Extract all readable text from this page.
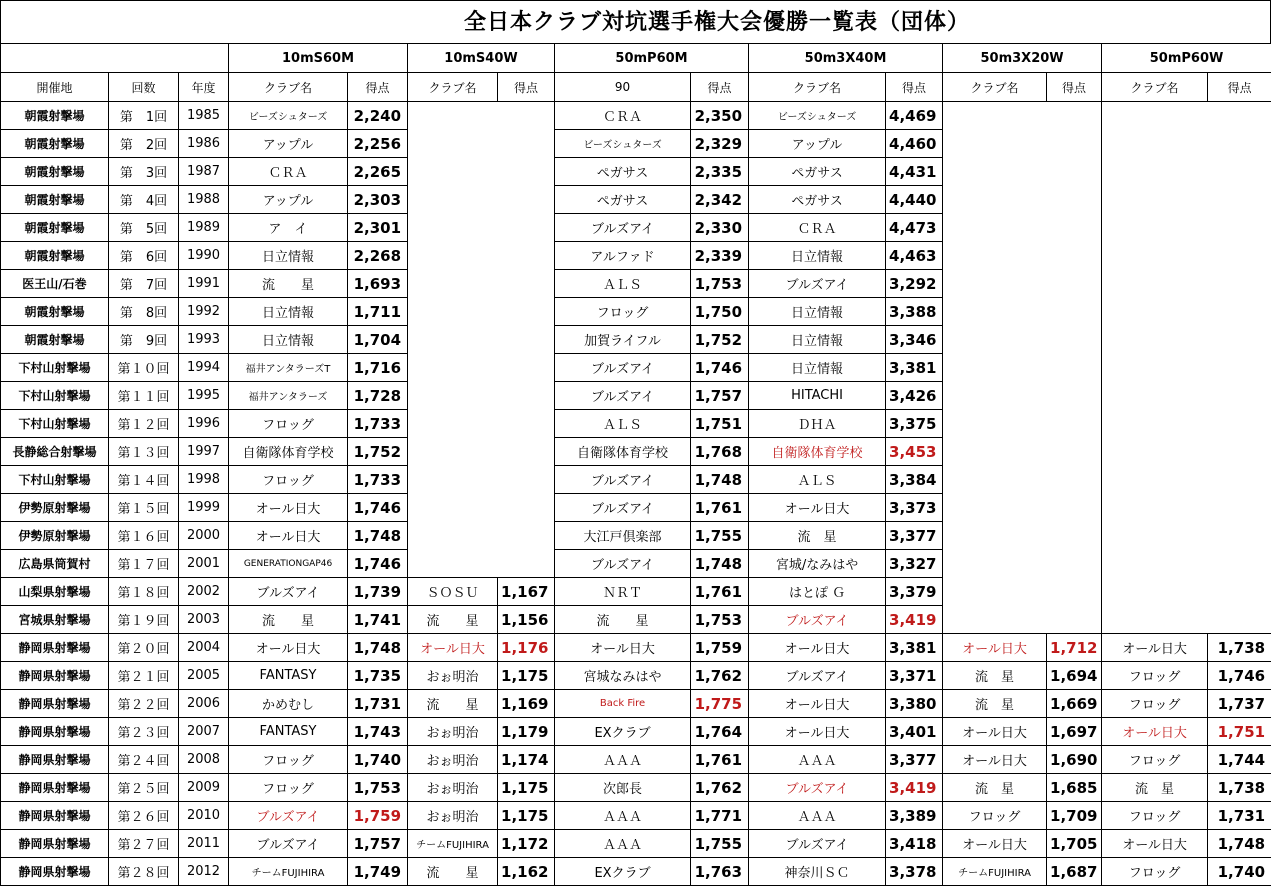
全日本クラブ対坑選手権大会優勝一覧表（団体）
			10mS60M		10mS40W		50mP60M		50m3X40M		50m3X20W		50mP60W	
開催地	回数	年度	クラブ名	得点	クラブ名	得点	90	得点	クラブ名	得点	クラブ名	得点	クラブ名	得点
朝霞射撃場	第　1回	1985	ビーズシュターズ	2,240			ＣＲＡ	2,350	ビーズシュターズ	4,469				
朝霞射撃場	第　2回	1986	アップル	2,256			ビーズシュターズ	2,329	アップル	4,460				
朝霞射撃場	第　3回	1987	ＣＲＡ	2,265			ペガサス	2,335	ペガサス	4,431				
朝霞射撃場	第　4回	1988	アップル	2,303			ペガサス	2,342	ペガサス	4,440				
朝霞射撃場	第　5回	1989	ア　イ	2,301			ブルズアイ	2,330	ＣＲＡ	4,473				
朝霞射撃場	第　6回	1990	日立情報	2,268			アルファド	2,339	日立情報	4,463				
医王山/石巻	第　7回	1991	流　　星	1,693			ＡＬＳ	1,753	ブルズアイ	3,292				
朝霞射撃場	第　8回	1992	日立情報	1,711			フロッグ	1,750	日立情報	3,388				
朝霞射撃場	第　9回	1993	日立情報	1,704			加賀ライフル	1,752	日立情報	3,346				
下村山射撃場	第１０回	1994	福井アンタラーズT	1,716			ブルズアイ	1,746	日立情報	3,381				
下村山射撃場	第１１回	1995	福井アンタラーズ	1,728			ブルズアイ	1,757	HITACHI	3,426				
下村山射撃場	第１２回	1996	フロッグ	1,733			ＡＬＳ	1,751	ＤＨＡ	3,375				
長静総合射撃場	第１３回	1997	自衛隊体育学校	1,752			自衛隊体育学校	1,768	自衛隊体育学校	3,453				
下村山射撃場	第１４回	1998	フロッグ	1,733			ブルズアイ	1,748	ＡＬＳ	3,384				
伊勢原射撃場	第１５回	1999	オール日大	1,746			ブルズアイ	1,761	オール日大	3,373				
伊勢原射撃場	第１６回	2000	オール日大	1,748			大江戸倶楽部	1,755	流　星	3,377				
広島県筒賀村	第１７回	2001	GENERATIONGAP46	1,746			ブルズアイ	1,748	宮城/なみはや	3,327				
山梨県射撃場	第１８回	2002	ブルズアイ	1,739	ＳＯＳＵ	1,167	ＮＲＴ	1,761	はとぽ Ｇ	3,379				
宮城県射撃場	第１９回	2003	流　　星	1,741	流　　星	1,156	流　　星	1,753	ブルズアイ	3,419				
静岡県射撃場	第２０回	2004	オール日大	1,748	オール日大	1,176	オール日大	1,759	オール日大	3,381	オール日大	1,712	オール日大	1,738
静岡県射撃場	第２１回	2005	FANTASY	1,735	おぉ明治	1,175	宮城なみはや	1,762	ブルズアイ	3,371	流　星	1,694	フロッグ	1,746
静岡県射撃場	第２２回	2006	かめむし	1,731	流　　星	1,169	Back Fire	1,775	オール日大	3,380	流　星	1,669	フロッグ	1,737
静岡県射撃場	第２３回	2007	FANTASY	1,743	おぉ明治	1,179	EXクラブ	1,764	オール日大	3,401	オール日大	1,697	オール日大	1,751
静岡県射撃場	第２４回	2008	フロッグ	1,740	おぉ明治	1,174	ＡＡＡ	1,761	ＡＡＡ	3,377	オール日大	1,690	フロッグ	1,744
静岡県射撃場	第２５回	2009	フロッグ	1,753	おぉ明治	1,175	次郎長	1,762	ブルズアイ	3,419	流　星	1,685	流　星	1,738
静岡県射撃場	第２６回	2010	ブルズアイ	1,759	おぉ明治	1,175	ＡＡＡ	1,771	ＡＡＡ	3,389	フロッグ	1,709	フロッグ	1,731
静岡県射撃場	第２７回	2011	ブルズアイ	1,757	チームFUJIHIRA	1,172	ＡＡＡ	1,755	ブルズアイ	3,418	オール日大	1,705	オール日大	1,748
静岡県射撃場	第２８回	2012	チームFUJIHIRA	1,749	流　　星	1,162	EXクラブ	1,763	神奈川ＳＣ	3,378	チームFUJIHIRA	1,687	フロッグ	1,740
